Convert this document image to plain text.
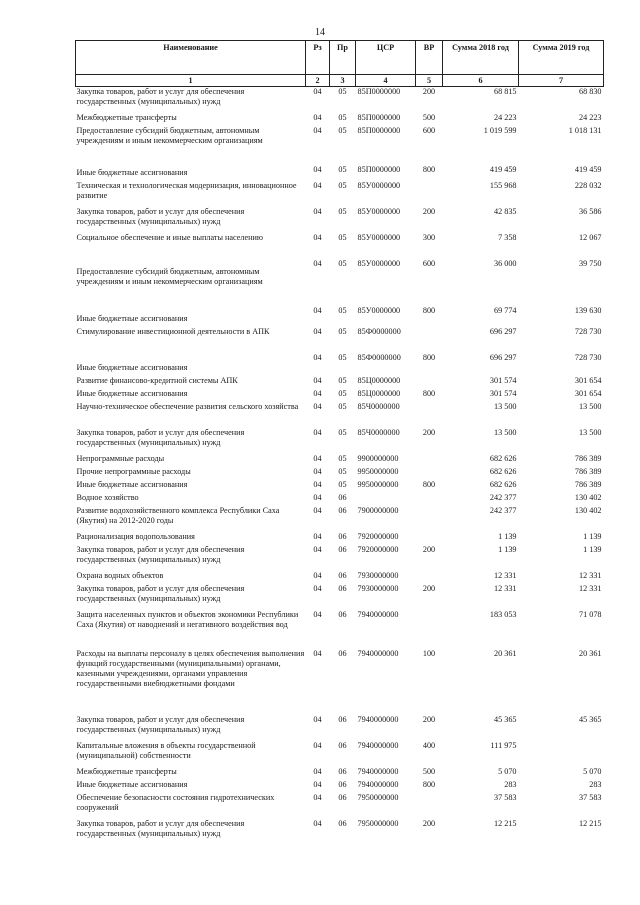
14
Наименование	Рз	Пр	ЦСР	ВР	Сумма 2018 год	Сумма 2019 год
1	2	3	4	5	6	7
Закупка товаров, работ и услуг для обеспечения государственных (муниципальных) нужд	04	05	85П0000000	200	68 815	68 830
Межбюджетные трансферты	04	05	85П0000000	500	24 223	24 223
Предоставление субсидий бюджетным, автономным учреждениям и иным некоммерческим организациям	04	05	85П0000000	600	1 019 599	1 018 131
Иные бюджетные ассигнования	04	05	85П0000000	800	419 459	419 459
Техническая и технологическая модернизация, инновационное развитие	04	05	85У0000000		155 968	228 032
Закупка товаров, работ и услуг для обеспечения государственных (муниципальных) нужд	04	05	85У0000000	200	42 835	36 586
Социальное обеспечение и иные выплаты населению	04	05	85У0000000	300	7 358	12 067
Предоставление субсидий бюджетным, автономным учреждениям и иным некоммерческим организациям	04	05	85У0000000	600	36 000	39 750
Иные бюджетные ассигнования	04	05	85У0000000	800	69 774	139 630
Стимулирование инвестиционной деятельности в АПК	04	05	85Ф0000000		696 297	728 730
Иные бюджетные ассигнования	04	05	85Ф0000000	800	696 297	728 730
Развитие финансово-кредитной системы АПК	04	05	85Ц0000000		301 574	301 654
Иные бюджетные ассигнования	04	05	85Ц0000000	800	301 574	301 654
Научно-техническое обеспечение развития сельского хозяйства	04	05	85Ч0000000		13 500	13 500
Закупка товаров, работ и услуг для обеспечения государственных (муниципальных) нужд	04	05	85Ч0000000	200	13 500	13 500
Непрограммные расходы	04	05	9900000000		682 626	786 389
Прочие непрограммные расходы	04	05	9950000000		682 626	786 389
Иные бюджетные ассигнования	04	05	9950000000	800	682 626	786 389
Водное хозяйство	04	06			242 377	130 402
Развитие водохозяйственного комплекса Республики Саха (Якутия) на 2012-2020 годы	04	06	7900000000		242 377	130 402
Рационализация водопользования	04	06	7920000000		1 139	1 139
Закупка товаров, работ и услуг для обеспечения государственных (муниципальных) нужд	04	06	7920000000	200	1 139	1 139
Охрана водных объектов	04	06	7930000000		12 331	12 331
Закупка товаров, работ и услуг для обеспечения государственных (муниципальных) нужд	04	06	7930000000	200	12 331	12 331
Защита населенных пунктов и объектов экономики Республики Саха (Якутия) от наводнений и негативного воздействия вод	04	06	7940000000		183 053	71 078
Расходы на выплаты персоналу в целях обеспечения выполнения функций государственными (муниципальными) органами, казенными учреждениями, органами управления государственными внебюджетными фондами	04	06	7940000000	100	20 361	20 361
Закупка товаров, работ и услуг для обеспечения государственных (муниципальных) нужд	04	06	7940000000	200	45 365	45 365
Капитальные вложения в объекты государственной (муниципальной) собственности	04	06	7940000000	400	111 975	
Межбюджетные трансферты	04	06	7940000000	500	5 070	5 070
Иные бюджетные ассигнования	04	06	7940000000	800	283	283
Обеспечение безопасности состояния гидротехнических сооружений	04	06	7950000000		37 583	37 583
Закупка товаров, работ и услуг для обеспечения государственных (муниципальных) нужд	04	06	7950000000	200	12 215	12 215
